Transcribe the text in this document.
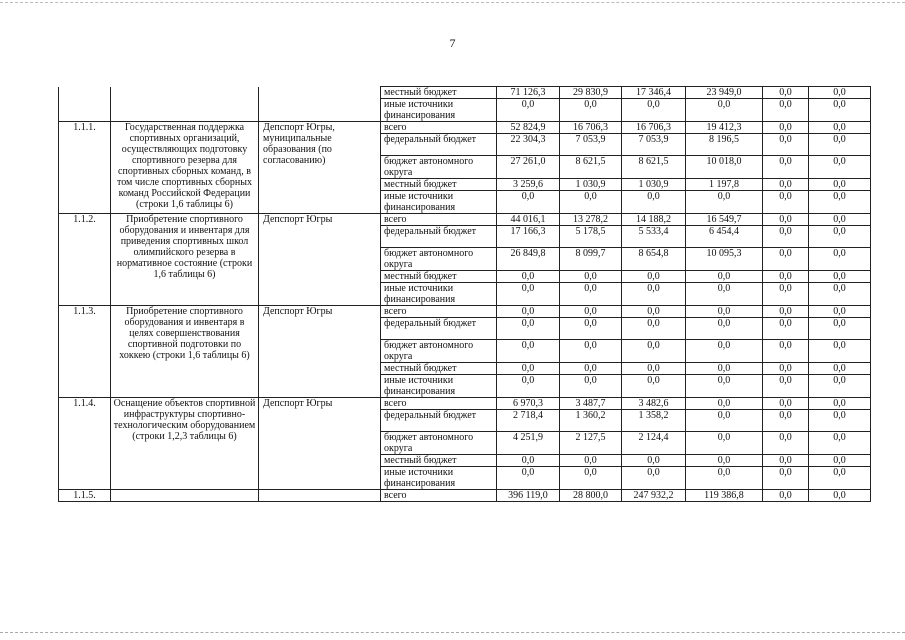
7
			местный бюджет	71 126,3	29 830,9	17 346,4	23 949,0	0,0	0,0
			иные источники финансирования	0,0	0,0	0,0	0,0	0,0	0,0
1.1.1.	Государственная поддержка спортивных организаций, осуществляющих подготовку спортивного резерва для спортивных сборных команд, в том числе спортивных сборных команд Российской Федерации (строки 1,6 таблицы 6)	Депспорт Югры, муниципальные образования (по согласованию)	всего	52 824,9	16 706,3	16 706,3	19 412,3	0,0	0,0
			федеральный бюджет	22 304,3	7 053,9	7 053,9	8 196,5	0,0	0,0
			бюджет автономного округа	27 261,0	8 621,5	8 621,5	10 018,0	0,0	0,0
			местный бюджет	3 259,6	1 030,9	1 030,9	1 197,8	0,0	0,0
			иные источники финансирования	0,0	0,0	0,0	0,0	0,0	0,0
1.1.2.	Приобретение спортивного оборудования и инвентаря для приведения спортивных школ олимпийского резерва в нормативное состояние (строки 1,6 таблицы 6)	Депспорт Югры	всего	44 016,1	13 278,2	14 188,2	16 549,7	0,0	0,0
			федеральный бюджет	17 166,3	5 178,5	5 533,4	6 454,4	0,0	0,0
			бюджет автономного округа	26 849,8	8 099,7	8 654,8	10 095,3	0,0	0,0
			местный бюджет	0,0	0,0	0,0	0,0	0,0	0,0
			иные источники финансирования	0,0	0,0	0,0	0,0	0,0	0,0
1.1.3.	Приобретение спортивного оборудования и инвентаря в целях совершенствования спортивной подготовки по хоккею (строки 1,6 таблицы 6)	Депспорт Югры	всего	0,0	0,0	0,0	0,0	0,0	0,0
			федеральный бюджет	0,0	0,0	0,0	0,0	0,0	0,0
			бюджет автономного округа	0,0	0,0	0,0	0,0	0,0	0,0
			местный бюджет	0,0	0,0	0,0	0,0	0,0	0,0
			иные источники финансирования	0,0	0,0	0,0	0,0	0,0	0,0
1.1.4.	Оснащение объектов спортивной инфраструктуры спортивно-технологическим оборудованием (строки 1,2,3 таблицы 6)	Депспорт Югры	всего	6 970,3	3 487,7	3 482,6	0,0	0,0	0,0
			федеральный бюджет	2 718,4	1 360,2	1 358,2	0,0	0,0	0,0
			бюджет автономного округа	4 251,9	2 127,5	2 124,4	0,0	0,0	0,0
			местный бюджет	0,0	0,0	0,0	0,0	0,0	0,0
			иные источники финансирования	0,0	0,0	0,0	0,0	0,0	0,0
1.1.5.			всего	396 119,0	28 800,0	247 932,2	119 386,8	0,0	0,0
